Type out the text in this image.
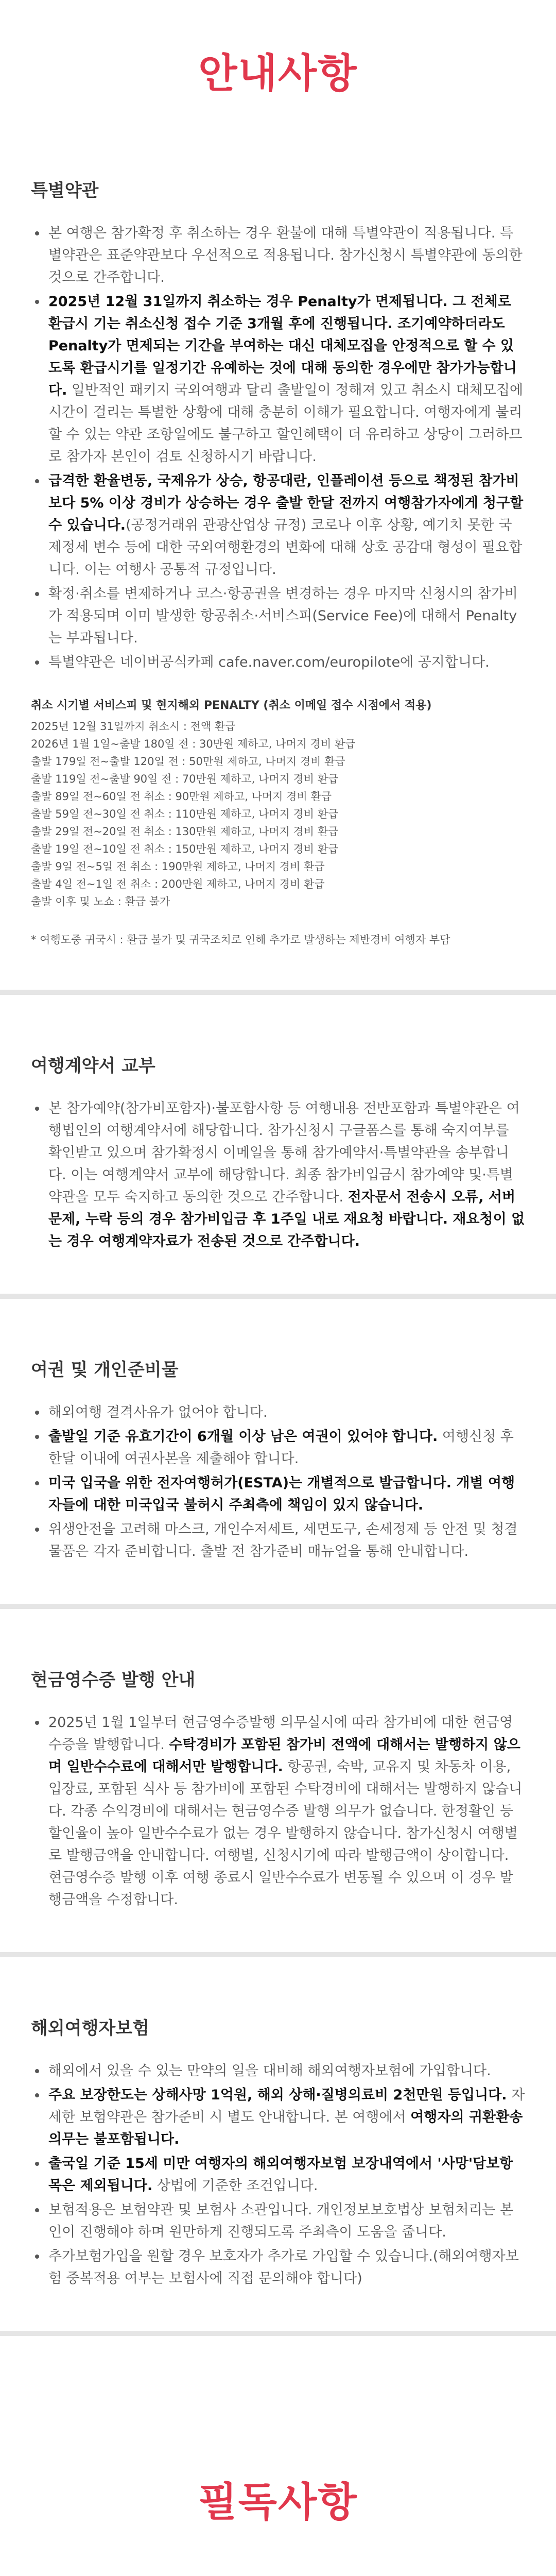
안내사항
특별약관
본 여행은 참가확정 후 취소하는 경우 환불에 대해 특별약관이 적용됩니다. 특별약관은 표준약관보다 우선적으로 적용됩니다. 참가신청시 특별약관에 동의한 것으로 간주합니다.
2025년 12월 31일까지 취소하는 경우 Penalty가 면제됩니다. 그 전체로 환급시 기는 취소신청 접수 기준 3개월 후에 진행됩니다. 조기예약하더라도 Penalty가 면제되는 기간을 부여하는 대신 대체모집을 안정적으로 할 수 있도록 환급시기를 일정기간 유예하는 것에 대해 동의한 경우에만 참가가능합니다. 일반적인 패키지 국외여행과 달리 출발일이 정해져 있고 취소시 대체모집에 시간이 걸리는 특별한 상황에 대해 충분히 이해가 필요합니다. 여행자에게 불리할 수 있는 약관 조항일에도 불구하고 할인혜택이 더 유리하고 상당이 그러하므로 참가자 본인이 검토 신청하시기 바랍니다.
급격한 환율변동, 국제유가 상승, 항공대란, 인플레이션 등으로 책정된 참가비보다 5% 이상 경비가 상승하는 경우 출발 한달 전까지 여행참가자에게 청구할 수 있습니다.(공정거래위 관광산업상 규정) 코로나 이후 상황, 예기치 못한 국제정세 변수 등에 대한 국외여행환경의 변화에 대해 상호 공감대 형성이 필요합니다. 이는 여행사 공통적 규정입니다.
확정·취소를 변제하거나 코스·항공권을 변경하는 경우 마지막 신청시의 참가비가 적용되며 이미 발생한 항공취소·서비스피(Service Fee)에 대해서 Penalty는 부과됩니다.
특별약관은 네이버공식카페 cafe.naver.com/europilote에 공지합니다.
취소 시기별 서비스피 및 현지해외 PENALTY (취소 이메일 접수 시점에서 적용)
2025년 12월 31일까지 취소시 : 전액 환급
2026년 1월 1일~출발 180일 전 : 30만원 제하고, 나머지 경비 환급
출발 179일 전~출발 120일 전 : 50만원 제하고, 나머지 경비 환급
출발 119일 전~출발 90일 전 : 70만원 제하고, 나머지 경비 환급
출발 89일 전~60일 전 취소 : 90만원 제하고, 나머지 경비 환급
출발 59일 전~30일 전 취소 : 110만원 제하고, 나머지 경비 환급
출발 29일 전~20일 전 취소 : 130만원 제하고, 나머지 경비 환급
출발 19일 전~10일 전 취소 : 150만원 제하고, 나머지 경비 환급
출발 9일 전~5일 전 취소 : 190만원 제하고, 나머지 경비 환급
출발 4일 전~1일 전 취소 : 200만원 제하고, 나머지 경비 환급
출발 이후 및 노쇼 : 환급 불가
* 여행도중 귀국시 : 환급 불가 및 귀국조치로 인해 추가로 발생하는 제반경비 여행자 부담
여행계약서 교부
본 참가예약(참가비포함자)·불포함사항 등 여행내용 전반포함과 특별약관은 여행법인의 여행계약서에 해당합니다. 참가신청시 구글폼스를 통해 숙지여부를 확인받고 있으며 참가확정시 이메일을 통해 참가예약서·특별약관을 송부합니다. 이는 여행계약서 교부에 해당합니다. 최종 참가비입금시 참가예약 및·특별약관을 모두 숙지하고 동의한 것으로 간주합니다. 전자문서 전송시 오류, 서버문제, 누락 등의 경우 참가비입금 후 1주일 내로 재요청 바랍니다. 재요청이 없는 경우 여행계약자료가 전송된 것으로 간주합니다.
여권 및 개인준비물
해외여행 결격사유가 없어야 합니다.
출발일 기준 유효기간이 6개월 이상 남은 여권이 있어야 합니다. 여행신청 후 한달 이내에 여권사본을 제출해야 합니다.
미국 입국을 위한 전자여행허가(ESTA)는 개별적으로 발급합니다. 개별 여행자들에 대한 미국입국 불허시 주최측에 책임이 있지 않습니다.
위생안전을 고려해 마스크, 개인수저세트, 세면도구, 손세정제 등 안전 및 청결 물품은 각자 준비합니다. 출발 전 참가준비 매뉴얼을 통해 안내합니다.
현금영수증 발행 안내
2025년 1월 1일부터 현금영수증발행 의무실시에 따라 참가비에 대한 현금영수증을 발행합니다. 수탁경비가 포함된 참가비 전액에 대해서는 발행하지 않으며 일반수수료에 대해서만 발행합니다. 항공권, 숙박, 교유지 및 차동차 이용, 입장료, 포함된 식사 등 참가비에 포함된 수탁경비에 대해서는 발행하지 않습니다. 각종 수익경비에 대해서는 현금영수증 발행 의무가 없습니다. 한정활인 등 할인율이 높아 일반수수료가 없는 경우 발행하지 않습니다. 참가신청시 여행별로 발행금액을 안내합니다. 여행별, 신청시기에 따라 발행금액이 상이합니다. 현금영수증 발행 이후 여행 종료시 일반수수료가 변동될 수 있으며 이 경우 발행금액을 수정합니다.
해외여행자보험
해외에서 있을 수 있는 만약의 일을 대비해 해외여행자보험에 가입합니다.
주요 보장한도는 상해사망 1억원, 해외 상해·질병의료비 2천만원 등입니다. 자세한 보험약관은 참가준비 시 별도 안내합니다. 본 여행에서 여행자의 귀환환송의무는 불포함됩니다.
출국일 기준 15세 미만 여행자의 해외여행자보험 보장내역에서 '사망'담보항목은 제외됩니다. 상법에 기준한 조건입니다.
보험적용은 보험약관 및 보험사 소관입니다. 개인정보보호법상 보험처리는 본인이 진행해야 하며 원만하게 진행되도록 주최측이 도움을 줍니다.
추가보험가입을 원할 경우 보호자가 추가로 가입할 수 있습니다.(해외여행자보험 중복적용 여부는 보험사에 직접 문의해야 합니다)
필독사항
